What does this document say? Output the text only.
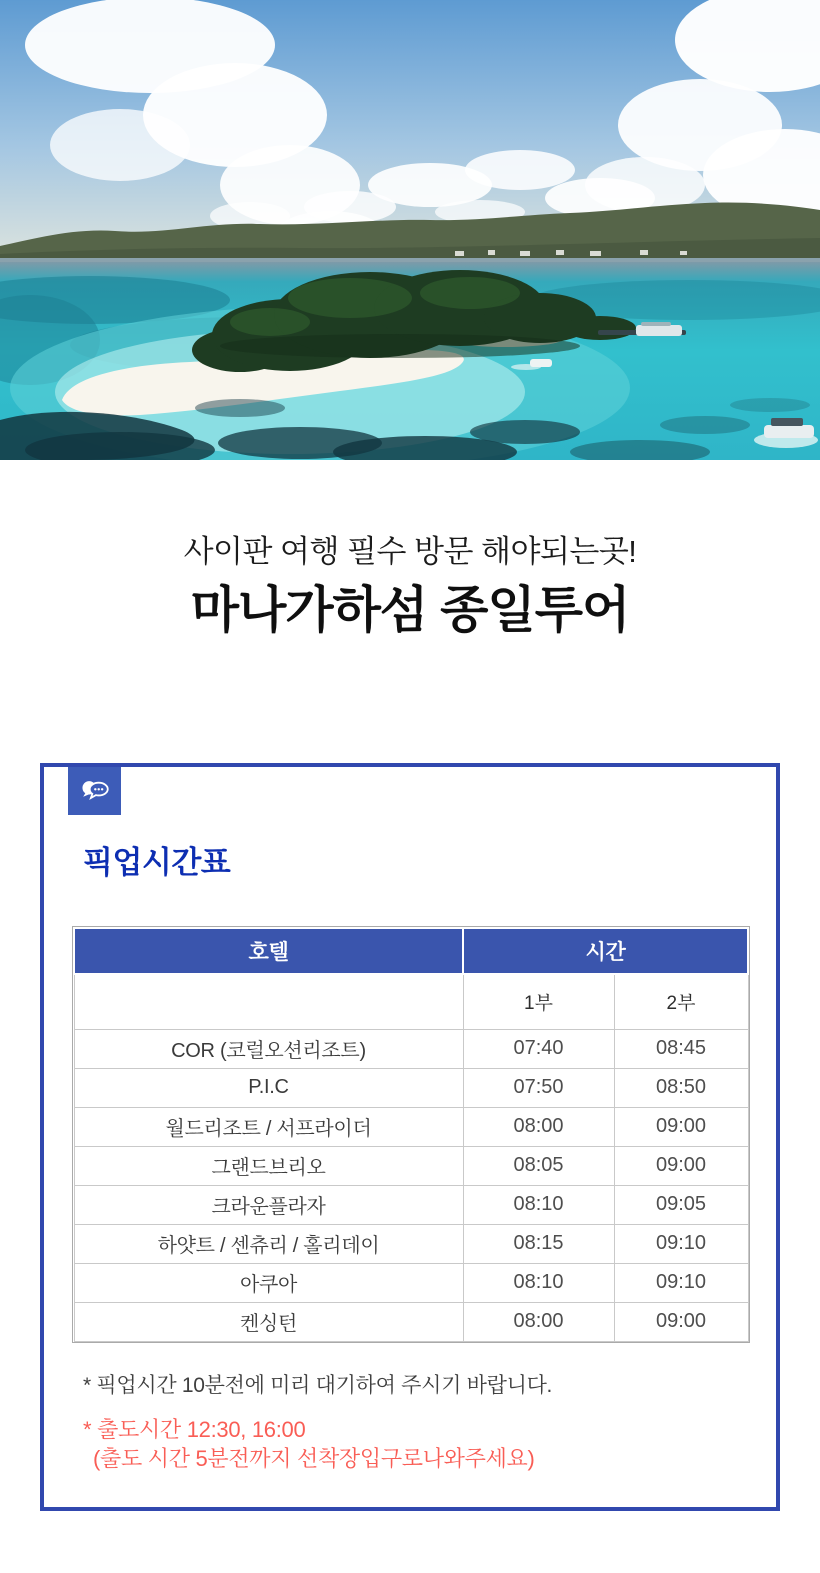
사이판 여행 필수 방문 해야되는곳!
마나가하섬 종일투어
픽업시간표
호텔	시간	
	1부	2부
COR (코럴오션리조트)	07:40	08:45
P.I.C	07:50	08:50
월드리조트 / 서프라이더	08:00	09:00
그랜드브리오	08:05	09:00
크라운플라자	08:10	09:05
하얏트 / 센츄리 / 홀리데이	08:15	09:10
아쿠아	08:10	09:10
켄싱턴	08:00	09:00

* 픽업시간 10분전에 미리 대기하여 주시기 바랍니다.

* 출도시간 12:30, 16:00

(출도 시간 5분전까지 선착장입구로나와주세요)
